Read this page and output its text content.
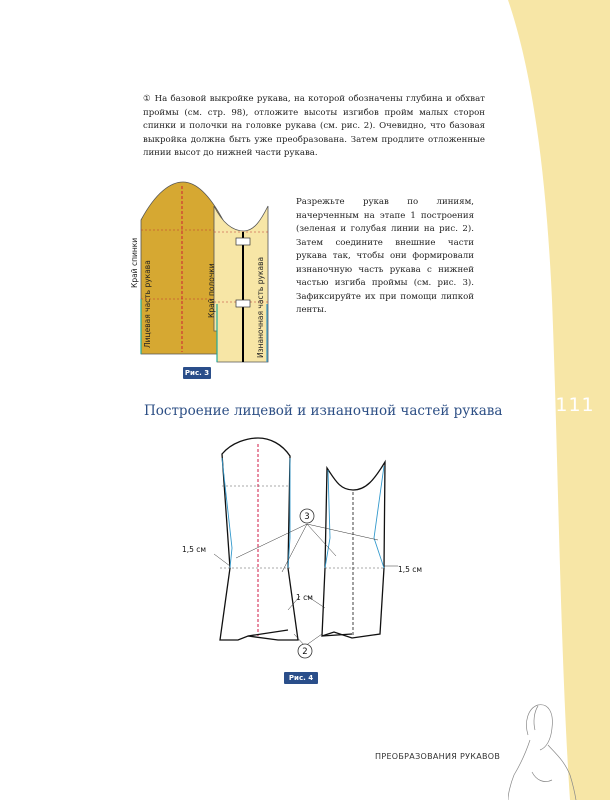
111

① На базовой выкройке рукава, на которой обозначены глубина и обхват проймы (см. стр. 98), отложите высоты изгибов пройм малых сторон спинки и полочки на головке рукава (см. рис. 2). Очевидно, что базовая выкройка должна быть уже преобразована. Затем продлите отложенные линии высот до нижней части рукава.

Край спинки Лицевая часть рукава	Край полочки	Изнаночная часть рукава
Рис. 3

Разрежьте рукав по линиям, начерченным на этапе 1 построения (зеленая и голубая линии на рис. 2). Затем соедините внешние части рукава так, чтобы они формировали изнаночную часть рукава с нижней частью изгиба проймы (см. рис. 3). Зафиксируйте их при помощи липкой ленты.

Построение лицевой и изнаночной частей рукава
3
2
1,5 см
1,5 см
1 см
Рис. 4
ПРЕОБРАЗОВАНИЯ РУКАВОВ
